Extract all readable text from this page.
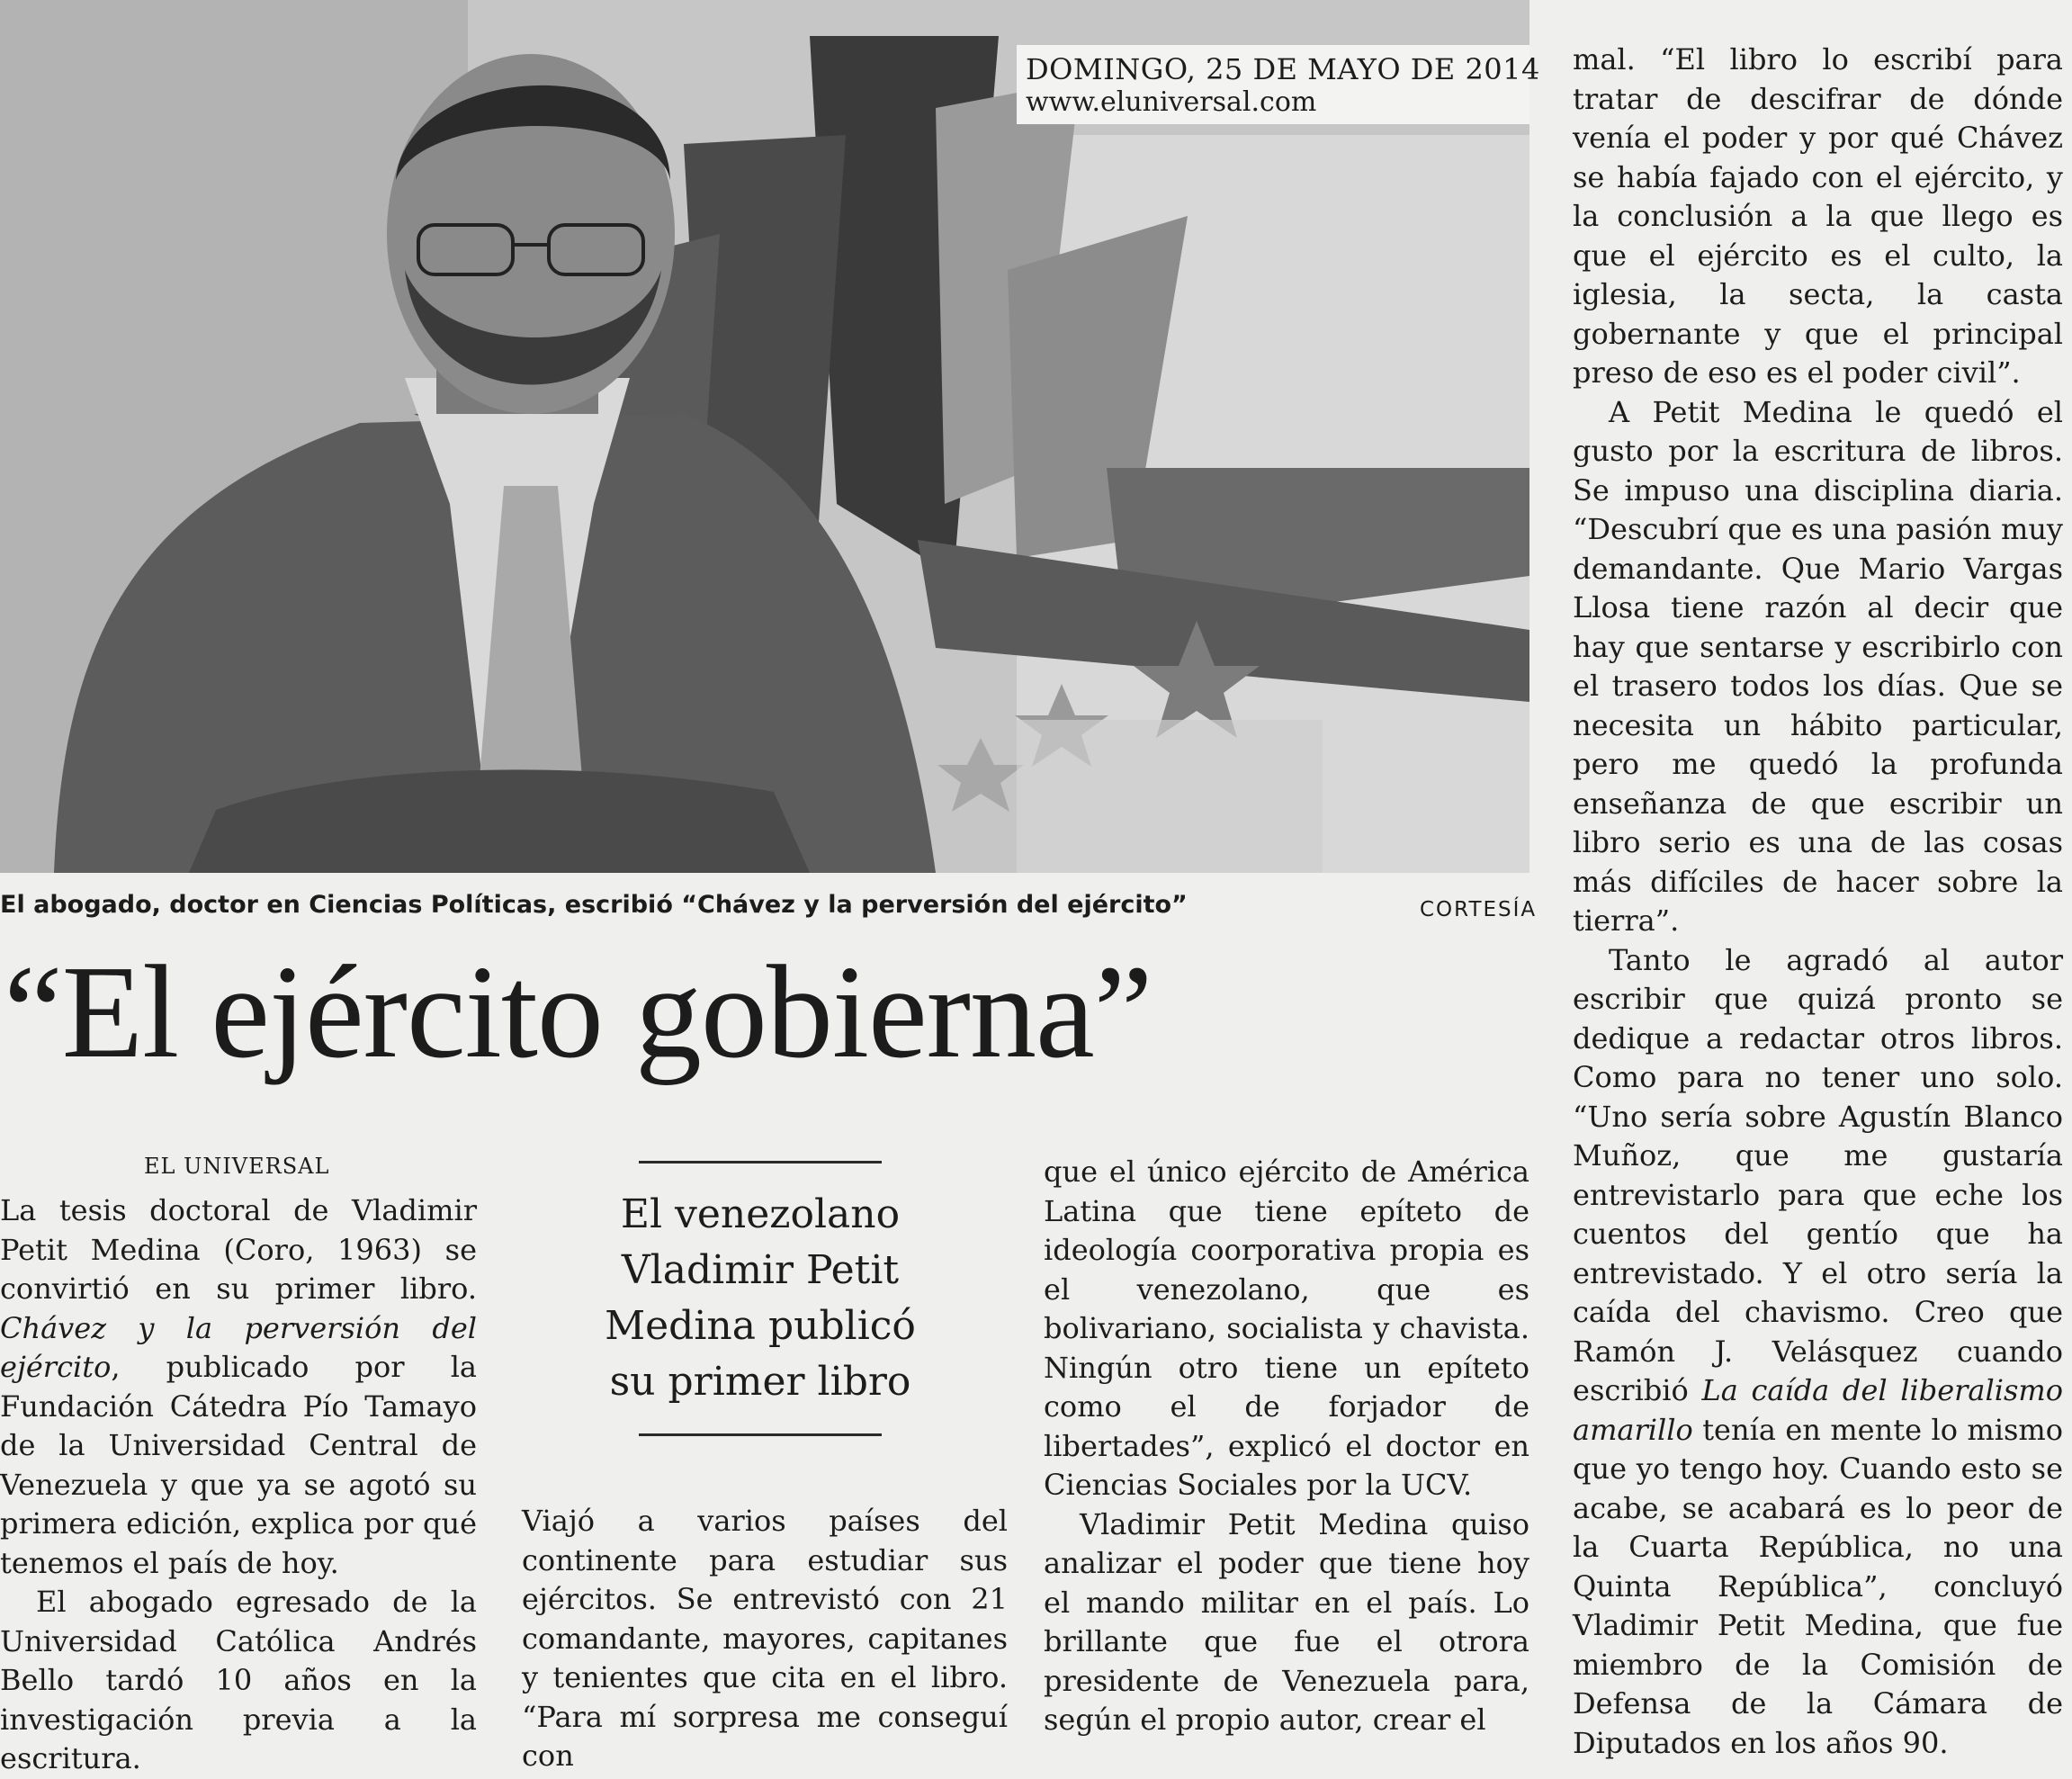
DOMINGO, 25 DE MAYO DE 2014
www.eluniversal.com
El abogado, doctor en Ciencias Políticas, escribió “Chávez y la perversión del ejército”	CORTESÍA
“El ejército gobierna”
EL UNIVERSAL

La tesis doctoral de Vladimir Petit Medina (Coro, 1963) se convirtió en su primer libro. Chávez y la perversión del ejército, publicado por la Fundación Cátedra Pío Tamayo de la Universidad Central de Venezuela y que ya se agotó su primera edición, explica por qué tenemos el país de hoy.

El abogado egresado de la Universidad Católica Andrés Bello tardó 10 años en la investigación previa a la escritura.

El venezolano Vladimir Petit Medina publicó su primer libro

Viajó a varios países del continente para estudiar sus ejércitos. Se entrevistó con 21 comandante, mayores, capitanes y tenientes que cita en el libro. “Para mí sorpresa me conseguí con

que el único ejército de América Latina que tiene epíteto de ideología coorporativa propia es el venezolano, que es bolivariano, socialista y chavista. Ningún otro tiene un epíteto como el de forjador de libertades”, explicó el doctor en Ciencias Sociales por la UCV.

Vladimir Petit Medina quiso analizar el poder que tiene hoy el mando militar en el país. Lo brillante que fue el otrora presidente de Venezuela para, según el propio autor, crear el

mal. “El libro lo escribí para tratar de descifrar de dónde venía el poder y por qué Chávez se había fajado con el ejército, y la conclusión a la que llego es que el ejército es el culto, la iglesia, la secta, la casta gobernante y que el principal preso de eso es el poder civil”.

A Petit Medina le quedó el gusto por la escritura de libros. Se impuso una disciplina diaria. “Descubrí que es una pasión muy demandante. Que Mario Vargas Llosa tiene razón al decir que hay que sentarse y escribirlo con el trasero todos los días. Que se necesita un hábito particular, pero me quedó la profunda enseñanza de que escribir un libro serio es una de las cosas más difíciles de hacer sobre la tierra”.

Tanto le agradó al autor escribir que quizá pronto se dedique a redactar otros libros. Como para no tener uno solo. “Uno sería sobre Agustín Blanco Muñoz, que me gustaría entrevistarlo para que eche los cuentos del gentío que ha entrevistado. Y el otro sería la caída del chavismo. Creo que Ramón J. Velásquez cuando escribió La caída del liberalismo amarillo tenía en mente lo mismo que yo tengo hoy. Cuando esto se acabe, se acabará es lo peor de la Cuarta República, no una Quinta República”, concluyó Vladimir Petit Medina, que fue miembro de la Comisión de Defensa de la Cámara de Diputados en los años 90.
